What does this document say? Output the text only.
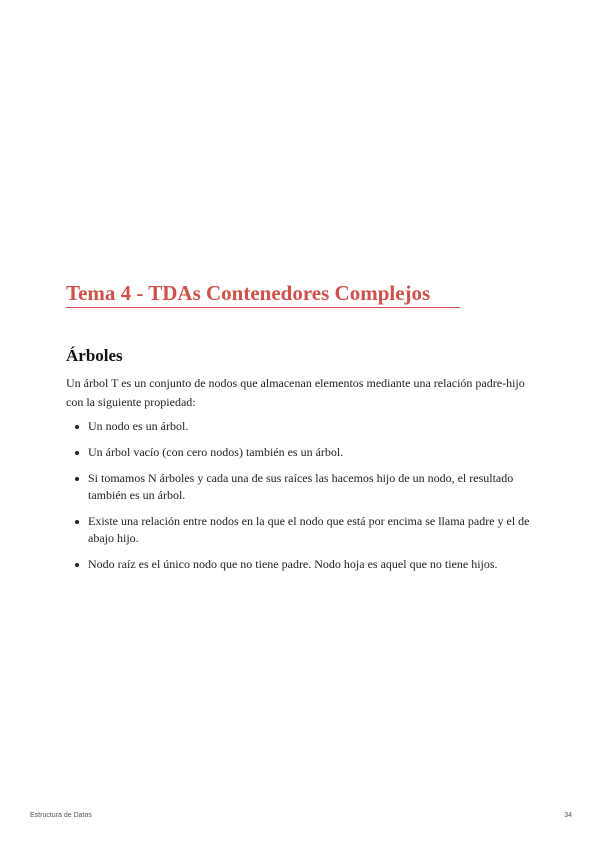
Tema 4 - TDAs Contenedores Complejos
Árboles

Un árbol T es un conjunto de nodos que almacenan elementos mediante una relación padre-hijo con la siguiente propiedad:

Un nodo es un árbol.
Un árbol vacío (con cero nodos) también es un árbol.
Si tomamos N árboles y cada una de sus raíces las hacemos hijo de un nodo, el resultado también es un árbol.
Existe una relación entre nodos en la que el nodo que está por encima se llama padre y el de abajo hijo.
Nodo raíz es el único nodo que no tiene padre. Nodo hoja es aquel que no tiene hijos.
Estructura de Datos	34
